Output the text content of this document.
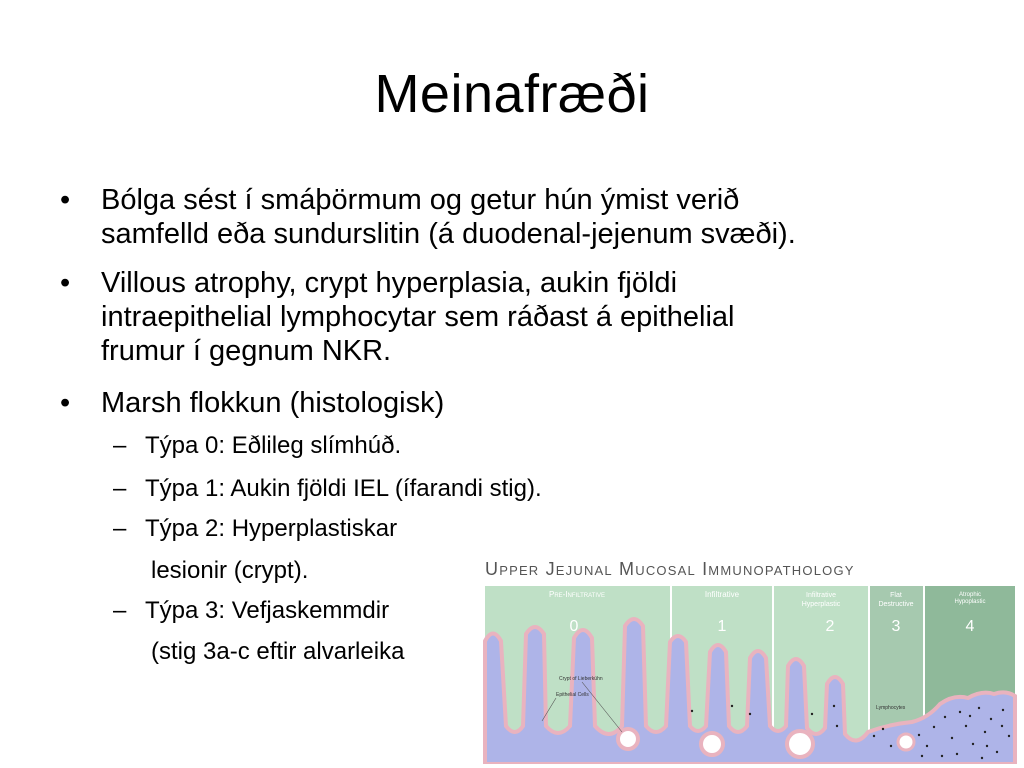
Meinafræði
•	Bólga sést í smáþörmum og getur hún ýmist verið
samfelld eða sundurslitin (á duodenal-jejenum svæði).
•	Villous atrophy, crypt hyperplasia, aukin fjöldi
intraepithelial lymphocytar sem ráðast á epithelial
frumur í gegnum NKR.
•	Marsh flokkun (histologisk)
– Týpa 0: Eðlileg slímhúð.
– Týpa 1: Aukin fjöldi IEL (ífarandi stig).
– Týpa 2: Hyperplastiskar
lesionir (crypt).
– Týpa 3: Vefjaskemmdir
(stig 3a-c eftir alvarleika
Upper Jejunal Mucosal Immunopathology
Pre-Infiltrative	Infiltrative	Infiltrative
Hyperplastic
Flat
Destructive
Atrophic
Hypoplastic
0	1	2	3	4
Crypt of Lieberkühn
Epithelial Cells
Lymphocytes
